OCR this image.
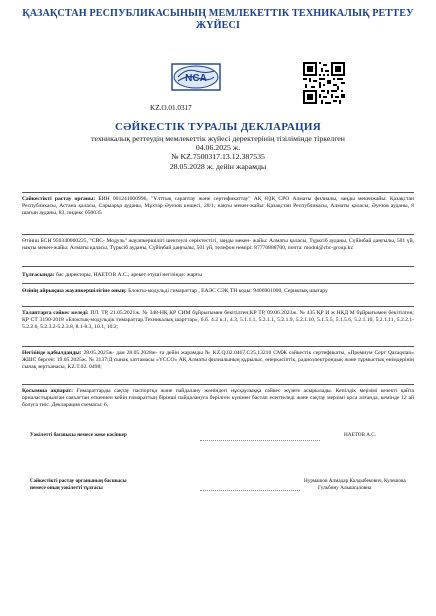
ҚАЗАҚСТАН РЕСПУБЛИКАСЫНЫҢ МЕМЛЕКЕТТІК ТЕХНИКАЛЫҚ РЕТТЕУ
ЖҮЙЕСІ
NCA
KZ.O.01.0317
СӘЙКЕСТІК ТУРАЛЫ ДЕКЛАРАЦИЯ
техникалық реттеудің мемлекеттік жүйесі деректерінің тізілімінде тіркелген
04.06.2025 ж.
№ KZ.7500317.13.12.387535
28.05.2028 ж. дейін жарамды
Сәйкестікті растау органы: БИН 001241000996, "Ұлттық сараптау және сертификаттау" АҚ ӨҘҚ СРО Алматы филиалы, заңды мекенжайы: Қазақстан Республикасы, Астана қаласы, Сарыарқа ауданы, Мұхтар Әуезов көшесі, 28/1, нақты мекен-жайы: Қазақстан Республикасы, Алматы қаласы, Әуезов ауданы, 8 шағын ауданы, 83, индекс 050035
Өтініш БСН 950340000225, "CBC- Модуль" жауапкершілігі шектеулі серіктестігі, заңды мекен- жайы: Алматы қаласы, Түрксіб ауданы, Сүйінбай даңғылы, 501 үй, нақты мекен-жайы: Алматы қаласы, Түрксіб ауданы, Сүйінбай даңғылы, 501 үй, телефон нөмірі: 87770888700, почта: modul@cbc-group.kz
Тұлғасында: бас директоры, НАЕТОВ А.С., әрекет етуші негізінде: жарғы
Өзінің айрықша жауапкершілігіне оның: Блокты-модульдi гимараттар , ЕАЭС СЭҚ ТН коды: 9406901000, Сериялық шығару
Талаптарға сәйкес келеді: ПЛ. ТР, 21.05.2021ж. № 348-НҚ ҚР СИМ бұйрығымен бекітілген;КР ТР, 09.06.2023ж. № 435 ҚР И ж НҚД М бұйрығымен бекітілген; ҚР СТ 3190-2018 «Блоктық-модульдік ғимараттар.Техникалық шарттар», б.б. 4.2 к.1, 4.3, 5.1.1.1, 5.2.1.1, 5.2.1.9, 5.2.1.10, 5.1.5.5, 5.1.5.6, 5.2.1.10, 5.2.1.11, 5.2.2.1-5.2.2.6, 5.2.3.2-5.2.3.8, 8.1-8.3, 10.1, 10.2;
Негізінде қабылданды: 28.05.2025ж- дан 28.05.2028ж- ға дейін жарамды № KZ.Q.02.0467.C25.13210 СМЖ сәйкестік сертификаты, «Премиум Серт Qazaqstan» ЖШС берген: 19.05.2025ж. № 3137/Д сынақ хаттамасы «YCCO» АҚ Алматы филиалының құрылыс, өнеркәсіптік, радиоэлектрондық және тұрмыстық өнімдерінің сынақ зертханасы, KZ.T.02. 0498;
Қосымша ақпарат: Ғимараттарды сақтау паспортқа және пайдалану жөніндегі нұсқаулыққа сәйкес жүзеге асырылады. Кепілдік мерзімі кезекті қайта орналастырылған саяхаттан өткеннен кейін ғимараттың бірінші пайдалануға берілген күнінен бастап есептеледі және сақтау мерзімі қоса алғанда, кемінде 12 ай болуға тиіс. Декларация схемасы: 6,
Уәкілетті басшысы немесе жеке кәсіпкер	НАЕТОВ А.С.
Сәйкестікті растау органының басшысы
немесе оның уәкілетті тұлғасы
Нурмашов Алмадар Калдыбекович, Кулешова
Гульбину Алышгаловна
